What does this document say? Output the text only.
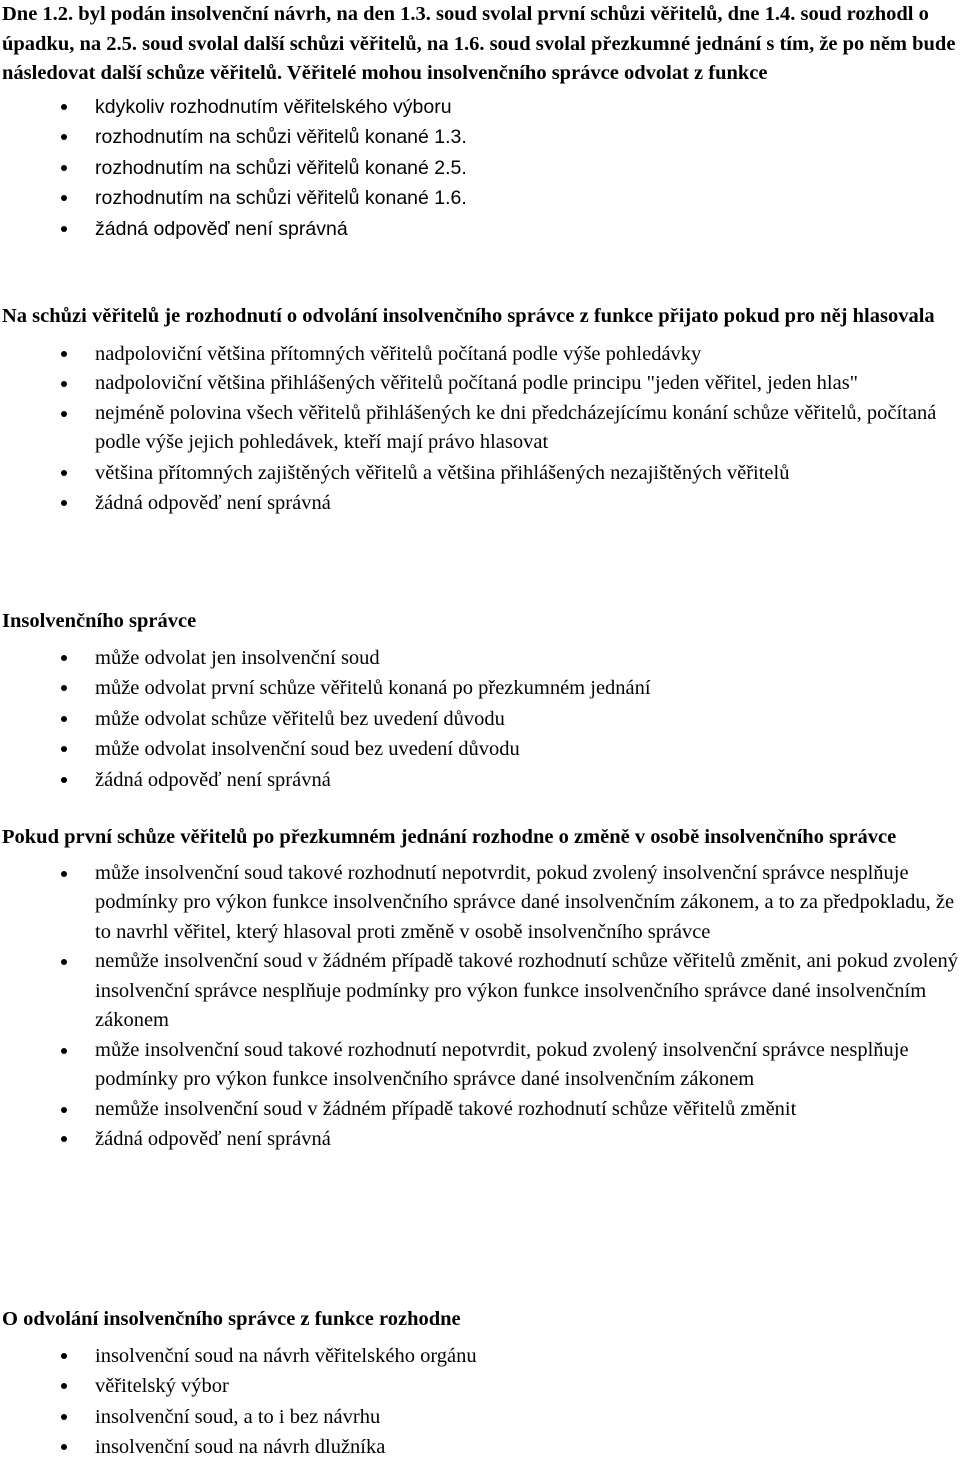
Dne 1.2. byl podán insolvenční návrh, na den 1.3. soud svolal první schůzi věřitelů, dne 1.4. soud rozhodl o úpadku, na 2.5. soud svolal další schůzi věřitelů, na 1.6. soud svolal přezkumné jednání s tím, že po něm bude následovat další schůze věřitelů. Věřitelé mohou insolvenčního správce odvolat z funkce

kdykoliv rozhodnutím věřitelského výboru
rozhodnutím na schůzi věřitelů konané 1.3.
rozhodnutím na schůzi věřitelů konané 2.5.
rozhodnutím na schůzi věřitelů konané 1.6.
žádná odpověď není správná

Na schůzi věřitelů je rozhodnutí o odvolání insolvenčního správce z funkce přijato pokud pro něj hlasovala

nadpoloviční většina přítomných věřitelů počítaná podle výše pohledávky
nadpoloviční většina přihlášených věřitelů počítaná podle principu "jeden věřitel, jeden hlas"
nejméně polovina všech věřitelů přihlášených ke dni předcházejícímu konání schůze věřitelů, počítaná podle výše jejich pohledávek, kteří mají právo hlasovat
většina přítomných zajištěných věřitelů a většina přihlášených nezajištěných věřitelů
žádná odpověď není správná

Insolvenčního správce

může odvolat jen insolvenční soud
může odvolat první schůze věřitelů konaná po přezkumném jednání
může odvolat schůze věřitelů bez uvedení důvodu
může odvolat insolvenční soud bez uvedení důvodu
žádná odpověď není správná

Pokud první schůze věřitelů po přezkumném jednání rozhodne o změně v osobě insolvenčního správce

může insolvenční soud takové rozhodnutí nepotvrdit, pokud zvolený insolvenční správce nesplňuje podmínky pro výkon funkce insolvenčního správce dané insolvenčním zákonem, a to za předpokladu, že to navrhl věřitel, který hlasoval proti změně v osobě insolvenčního správce
nemůže insolvenční soud v žádném případě takové rozhodnutí schůze věřitelů změnit, ani pokud zvolený insolvenční správce nesplňuje podmínky pro výkon funkce insolvenčního správce dané insolvenčním zákonem
může insolvenční soud takové rozhodnutí nepotvrdit, pokud zvolený insolvenční správce nesplňuje podmínky pro výkon funkce insolvenčního správce dané insolvenčním zákonem
nemůže insolvenční soud v žádném případě takové rozhodnutí schůze věřitelů změnit
žádná odpověď není správná

O odvolání insolvenčního správce z funkce rozhodne

insolvenční soud na návrh věřitelského orgánu
věřitelský výbor
insolvenční soud, a to i bez návrhu
insolvenční soud na návrh dlužníka
